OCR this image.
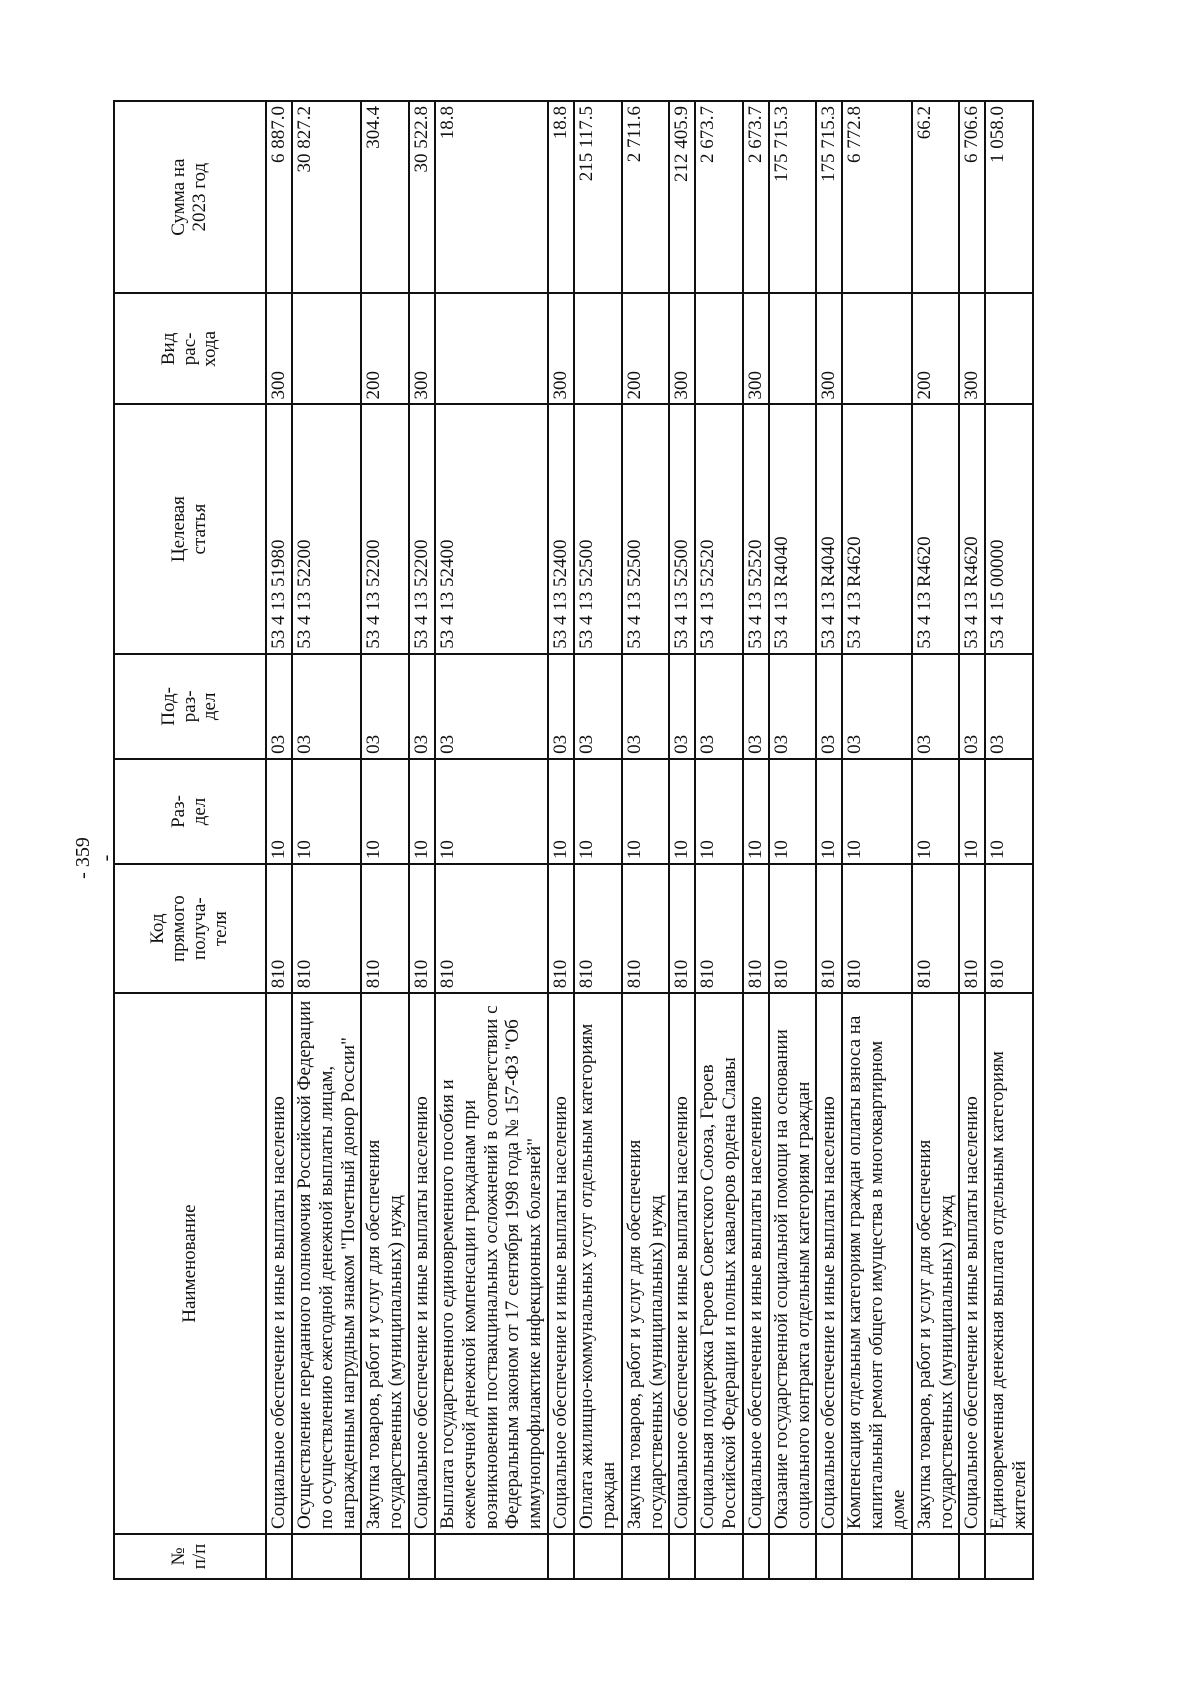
- 359 -
№ п/п	Наименование	Код прямого получа- теля	Раз- дел	Под- раз- дел	Целевая статья	Вид рас- хода	Сумма на 2023 год

	Социальное обеспечение и иные выплаты населению	810	10	03	53 4 13 51980	300	6 887.0
	Осуществление переданного полномочия Российской Федерации по осуществлению ежегодной денежной выплаты лицам, награжденным нагрудным знаком "Почетный донор России"	810	10	03	53 4 13 52200		30 827.2
	Закупка товаров, работ и услуг для обеспечения государственных (муниципальных) нужд	810	10	03	53 4 13 52200	200	304.4
	Социальное обеспечение и иные выплаты населению	810	10	03	53 4 13 52200	300	30 522.8
	Выплата государственного единовременного пособия и ежемесячной денежной компенсации гражданам при возникновении поствакцинальных осложнений в соответствии с Федеральным законом от 17 сентября 1998 года № 157-ФЗ "Об иммунопрофилактике инфекционных болезней"	810	10	03	53 4 13 52400		18.8
	Социальное обеспечение и иные выплаты населению	810	10	03	53 4 13 52400	300	18.8
	Оплата жилищно-коммунальных услуг отдельным категориям граждан	810	10	03	53 4 13 52500		215 117.5
	Закупка товаров, работ и услуг для обеспечения государственных (муниципальных) нужд	810	10	03	53 4 13 52500	200	2 711.6
	Социальное обеспечение и иные выплаты населению	810	10	03	53 4 13 52500	300	212 405.9
	Социальная поддержка Героев Советского Союза, Героев Российской Федерации и полных кавалеров ордена Славы	810	10	03	53 4 13 52520		2 673.7
	Социальное обеспечение и иные выплаты населению	810	10	03	53 4 13 52520	300	2 673.7
	Оказание государственной социальной помощи на основании социального контракта отдельным категориям граждан	810	10	03	53 4 13 R4040		175 715.3
	Социальное обеспечение и иные выплаты населению	810	10	03	53 4 13 R4040	300	175 715.3
	Компенсация отдельным категориям граждан оплаты взноса на капитальный ремонт общего имущества в многоквартирном доме	810	10	03	53 4 13 R4620		6 772.8
	Закупка товаров, работ и услуг для обеспечения государственных (муниципальных) нужд	810	10	03	53 4 13 R4620	200	66.2
	Социальное обеспечение и иные выплаты населению	810	10	03	53 4 13 R4620	300	6 706.6
	Единовременная денежная выплата отдельным категориям жителей	810	10	03	53 4 15 00000		1 058.0
